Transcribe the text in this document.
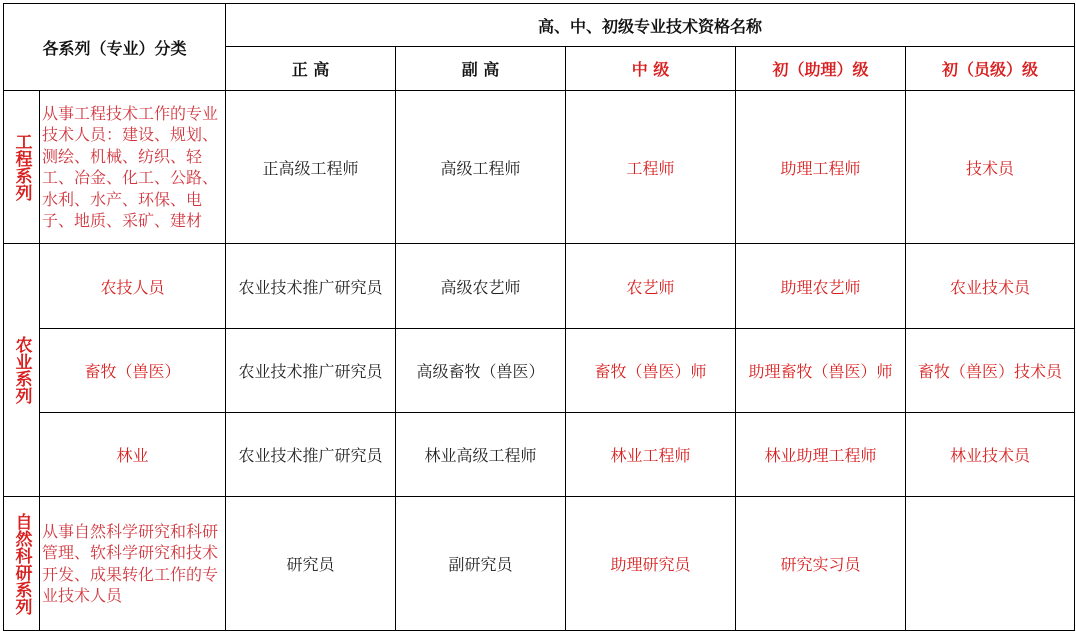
各系列（专业）分类		高、中、初级专业技术资格名称				
		正 高	副 高	中 级	初（助理）级	初（员级）级

工程系列	从事工程技术工作的专业技术人员：建设、规划、测绘、机械、纺织、轻工、冶金、化工、公路、水利、水产、环保、电子、地质、采矿、建材	正高级工程师	高级工程师	工程师	助理工程师	技术员

农业系列	农技人员	农业技术推广研究员	高级农艺师	农艺师	助理农艺师	农业技术员
	畜牧（兽医）	农业技术推广研究员	高级畜牧（兽医）	畜牧（兽医）师	助理畜牧（兽医）师	畜牧（兽医）技术员
	林业	农业技术推广研究员	林业高级工程师	林业工程师	林业助理工程师	林业技术员

自然科研系列	从事自然科学研究和科研管理、软科学研究和技术开发、成果转化工作的专业技术人员	研究员	副研究员	助理研究员	研究实习员	
